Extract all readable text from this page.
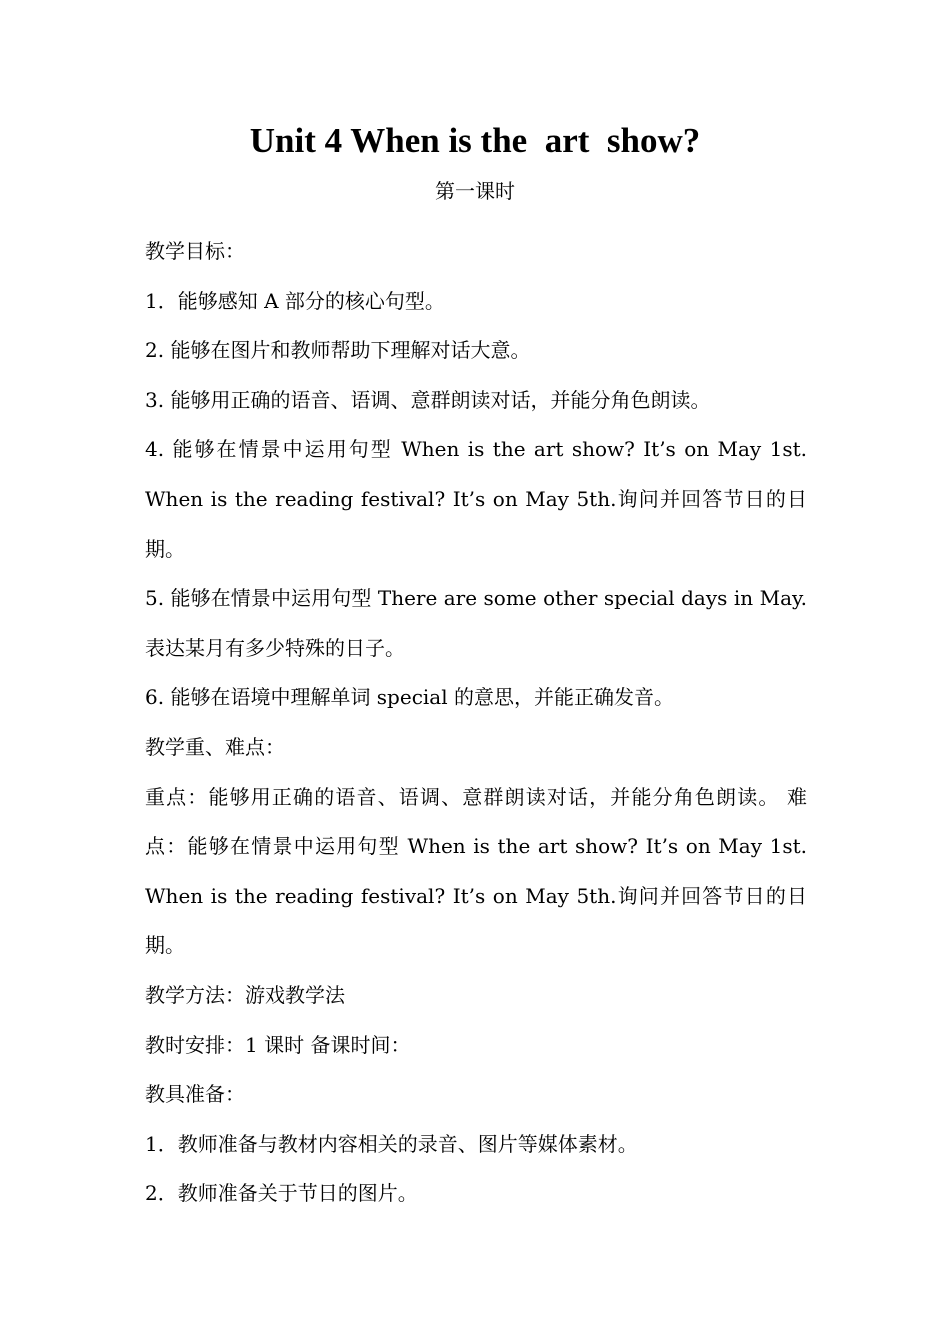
Unit 4 When is the  art  show?
第一课时

教学目标：

1．能够感知 A 部分的核心句型。

2. 能够在图片和教师帮助下理解对话大意。

3. 能够用正确的语音、语调、意群朗读对话，并能分角色朗读。

4. 能够在情景中运用句型 When is the art show? It’s on May 1st. When is the reading festival? It’s on May 5th.询问并回答节日的日期。

5. 能够在情景中运用句型 There are some other special days in May. 表达某月有多少特殊的日子。

6. 能够在语境中理解单词 special 的意思，并能正确发音。

教学重、难点：

重点：能够用正确的语音、语调、意群朗读对话，并能分角色朗读。 难点：能够在情景中运用句型 When is the art show? It’s on May 1st. When is the reading festival? It’s on May 5th.询问并回答节日的日期。

教学方法：游戏教学法

教时安排：1 课时 备课时间：

教具准备：

1．教师准备与教材内容相关的录音、图片等媒体素材。

2．教师准备关于节日的图片。
